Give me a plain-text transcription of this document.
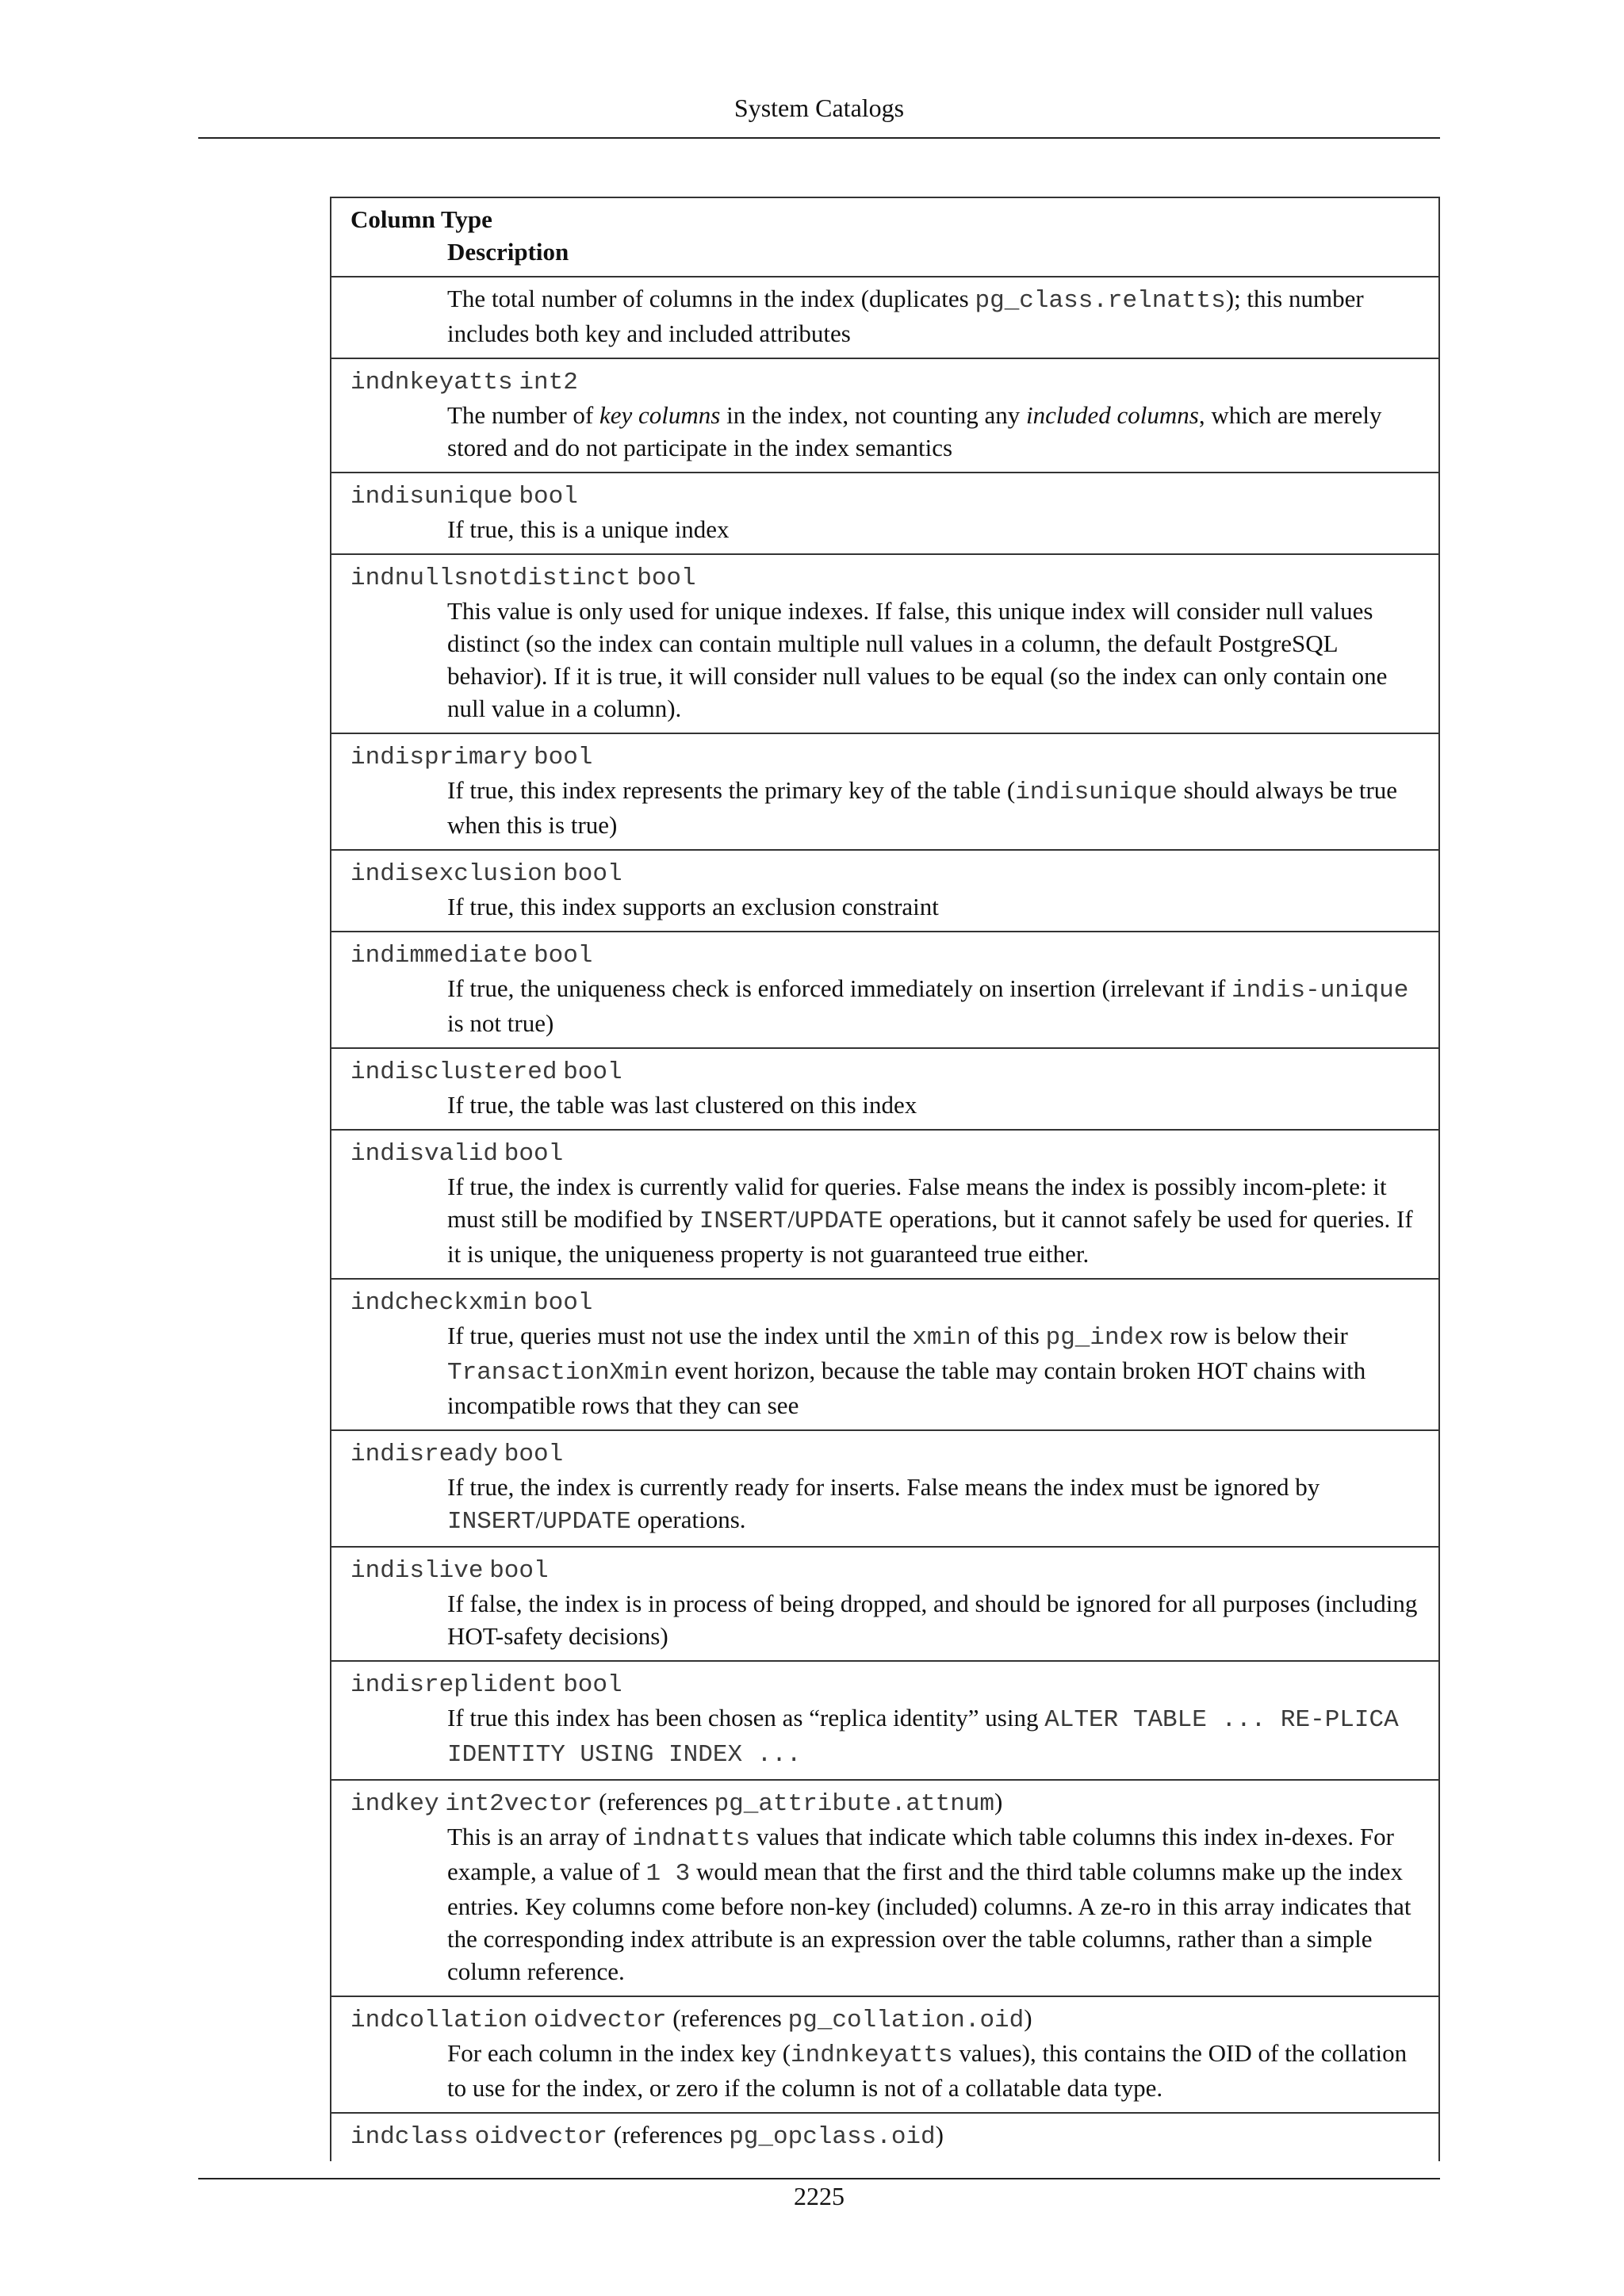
System Catalogs
Column Type
Description

The total number of columns in the index (duplicates pg_class.relnatts); this number includes both key and included attributes

indnkeyatts int2
The number of key columns in the index, not counting any included columns, which are merely stored and do not participate in the index semantics

indisunique bool
If true, this is a unique index

indnullsnotdistinct bool
This value is only used for unique indexes. If false, this unique index will consider null values distinct (so the index can contain multiple null values in a column, the default PostgreSQL behavior). If it is true, it will consider null values to be equal (so the index can only contain one null value in a column).

indisprimary bool
If true, this index represents the primary key of the table (indisunique should always be true when this is true)

indisexclusion bool
If true, this index supports an exclusion constraint

indimmediate bool
If true, the uniqueness check is enforced immediately on insertion (irrelevant if indis-unique is not true)

indisclustered bool
If true, the table was last clustered on this index

indisvalid bool
If true, the index is currently valid for queries. False means the index is possibly incom-plete: it must still be modified by INSERT/UPDATE operations, but it cannot safely be used for queries. If it is unique, the uniqueness property is not guaranteed true either.

indcheckxmin bool
If true, queries must not use the index until the xmin of this pg_index row is below their TransactionXmin event horizon, because the table may contain broken HOT chains with incompatible rows that they can see

indisready bool
If true, the index is currently ready for inserts. False means the index must be ignored by INSERT/UPDATE operations.

indislive bool
If false, the index is in process of being dropped, and should be ignored for all purposes (including HOT-safety decisions)

indisreplident bool
If true this index has been chosen as “replica identity” using ALTER TABLE ... RE-PLICA IDENTITY USING INDEX ...

indkey int2vector (references pg_attribute.attnum)
This is an array of indnatts values that indicate which table columns this index in-dexes. For example, a value of 1 3 would mean that the first and the third table columns make up the index entries. Key columns come before non-key (included) columns. A ze-ro in this array indicates that the corresponding index attribute is an expression over the table columns, rather than a simple column reference.

indcollation oidvector (references pg_collation.oid)
For each column in the index key (indnkeyatts values), this contains the OID of the collation to use for the index, or zero if the column is not of a collatable data type.

indclass oidvector (references pg_opclass.oid)
2225
